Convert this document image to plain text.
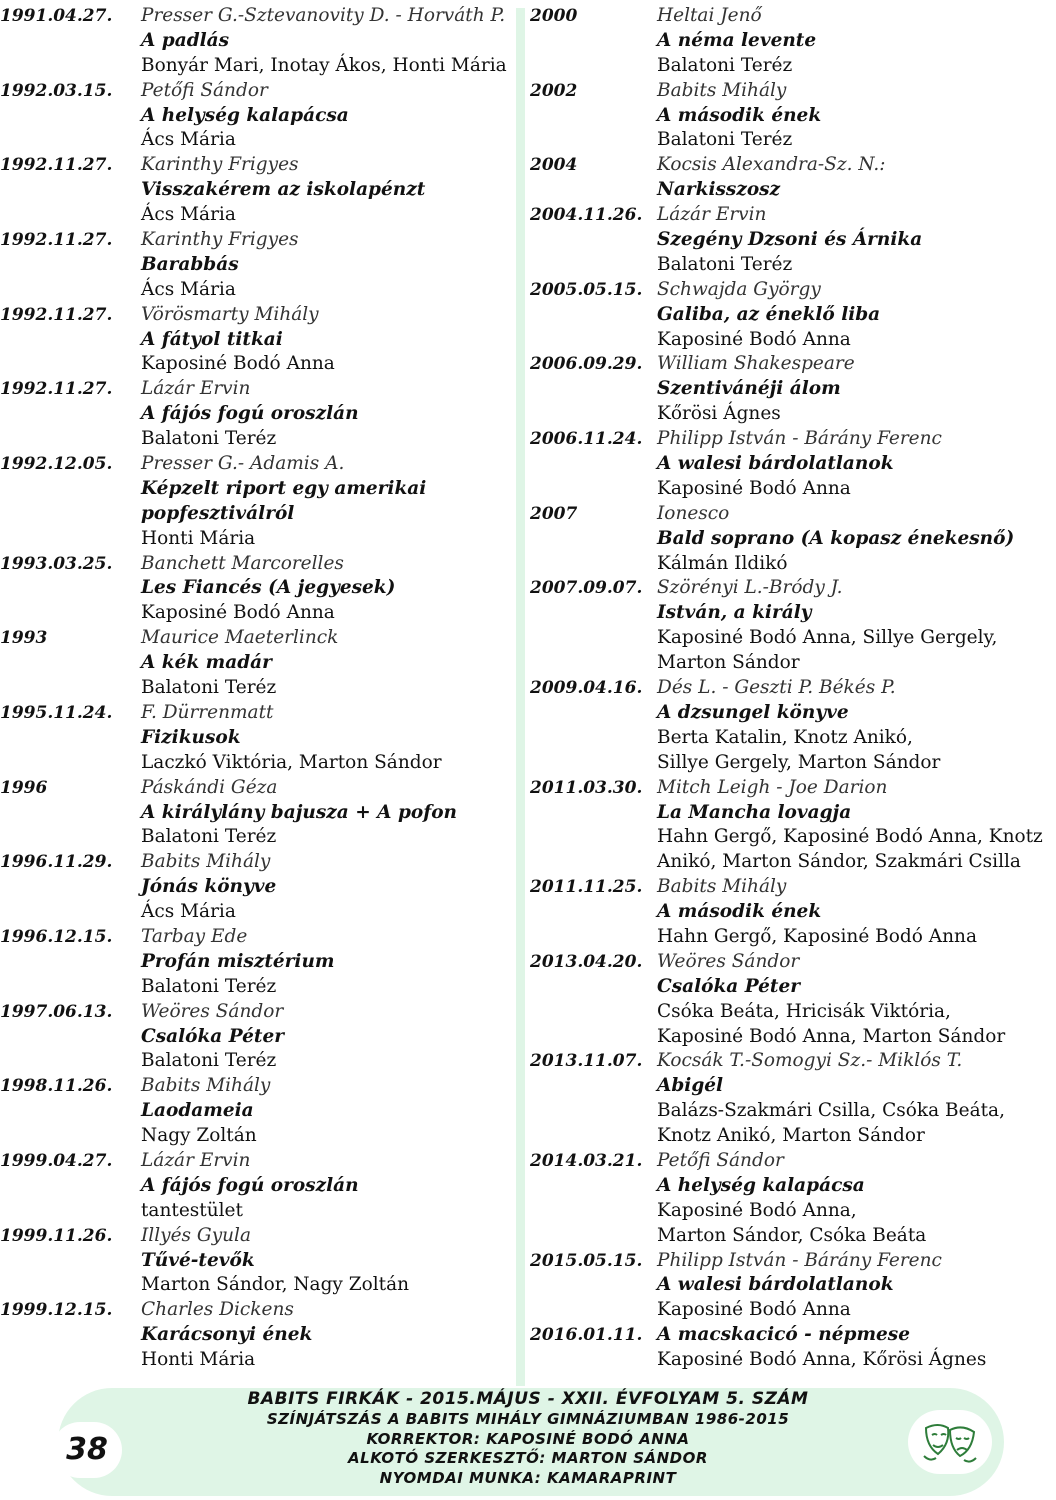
1991.04.27.	Presser G.-Sztevanovity D. - Horváth P.
A padlás
Bonyár Mari, Inotay Ákos, Honti Mária
1992.03.15.	Petőfi Sándor
A helység kalapácsa
Ács Mária
1992.11.27.	Karinthy Frigyes
Visszakérem az iskolapénzt
Ács Mária
1992.11.27.	Karinthy Frigyes
Barabbás
Ács Mária
1992.11.27.	Vörösmarty Mihály
A fátyol titkai
Kaposiné Bodó Anna
1992.11.27.	Lázár Ervin
A fájós fogú oroszlán
Balatoni Teréz
1992.12.05.	Presser G.- Adamis A.
Képzelt riport egy amerikai
popfesztiválról
Honti Mária
1993.03.25.	Banchett Marcorelles
Les Fiancés (A jegyesek)
Kaposiné Bodó Anna
1993	Maurice Maeterlinck
A kék madár
Balatoni Teréz
1995.11.24.	F. Dürrenmatt
Fizikusok
Laczkó Viktória, Marton Sándor
1996	Páskándi Géza
A királylány bajusza + A pofon
Balatoni Teréz
1996.11.29.	Babits Mihály
Jónás könyve
Ács Mária
1996.12.15.	Tarbay Ede
Profán misztérium
Balatoni Teréz
1997.06.13.	Weöres Sándor
Csalóka Péter
Balatoni Teréz
1998.11.26.	Babits Mihály
Laodameia
Nagy Zoltán
1999.04.27.	Lázár Ervin
A fájós fogú oroszlán
tantestület
1999.11.26.	Illyés Gyula
Tűvé-tevők
Marton Sándor, Nagy Zoltán
1999.12.15.	Charles Dickens
Karácsonyi ének
Honti Mária
2000	Heltai Jenő
A néma levente
Balatoni Teréz
2002	Babits Mihály
A második ének
Balatoni Teréz
2004	Kocsis Alexandra-Sz. N.:
Narkisszosz
2004.11.26. Lázár Ervin
Szegény Dzsoni és Árnika
Balatoni Teréz
2005.05.15. Schwajda György
Galiba, az éneklő liba
Kaposiné Bodó Anna
2006.09.29. William Shakespeare
Szentivánéji álom
Kőrösi Ágnes
2006.11.24. Philipp István - Bárány Ferenc
A walesi bárdolatlanok
Kaposiné Bodó Anna
2007	Ionesco
Bald soprano (A kopasz énekesnő)
Kálmán Ildikó
2007.09.07. Szörényi L.-Bródy J.
István, a király
Kaposiné Bodó Anna, Sillye Gergely,
Marton Sándor
2009.04.16. Dés L. - Geszti P. Békés P.
A dzsungel könyve
Berta Katalin, Knotz Anikó,
Sillye Gergely, Marton Sándor
2011.03.30. Mitch Leigh - Joe Darion
La Mancha lovagja
Hahn Gergő, Kaposiné Bodó Anna, Knotz
Anikó, Marton Sándor, Szakmári Csilla
2011.11.25. Babits Mihály
A második ének
Hahn Gergő, Kaposiné Bodó Anna
2013.04.20. Weöres Sándor
Csalóka Péter
Csóka Beáta, Hricisák Viktória,
Kaposiné Bodó Anna, Marton Sándor
2013.11.07. Kocsák T.-Somogyi Sz.- Miklós T.
Abigél
Balázs-Szakmári Csilla, Csóka Beáta,
Knotz Anikó, Marton Sándor
2014.03.21. Petőfi Sándor
A helység kalapácsa
Kaposiné Bodó Anna,
Marton Sándor, Csóka Beáta
2015.05.15. Philipp István - Bárány Ferenc
A walesi bárdolatlanok
Kaposiné Bodó Anna
2016.01.11. A macskacicó - népmese
Kaposiné Bodó Anna, Kőrösi Ágnes
38
BABITS FIRKÁK - 2015.MÁJUS - XXII. ÉVFOLYAM 5. SZÁM
SZÍNJÁTSZÁS A BABITS MIHÁLY GIMNÁZIUMBAN 1986-2015
KORREKTOR: KAPOSINÉ BODÓ ANNA
ALKOTÓ SZERKESZTŐ: MARTON SÁNDOR
NYOMDAI MUNKA: KAMARAPRINT
